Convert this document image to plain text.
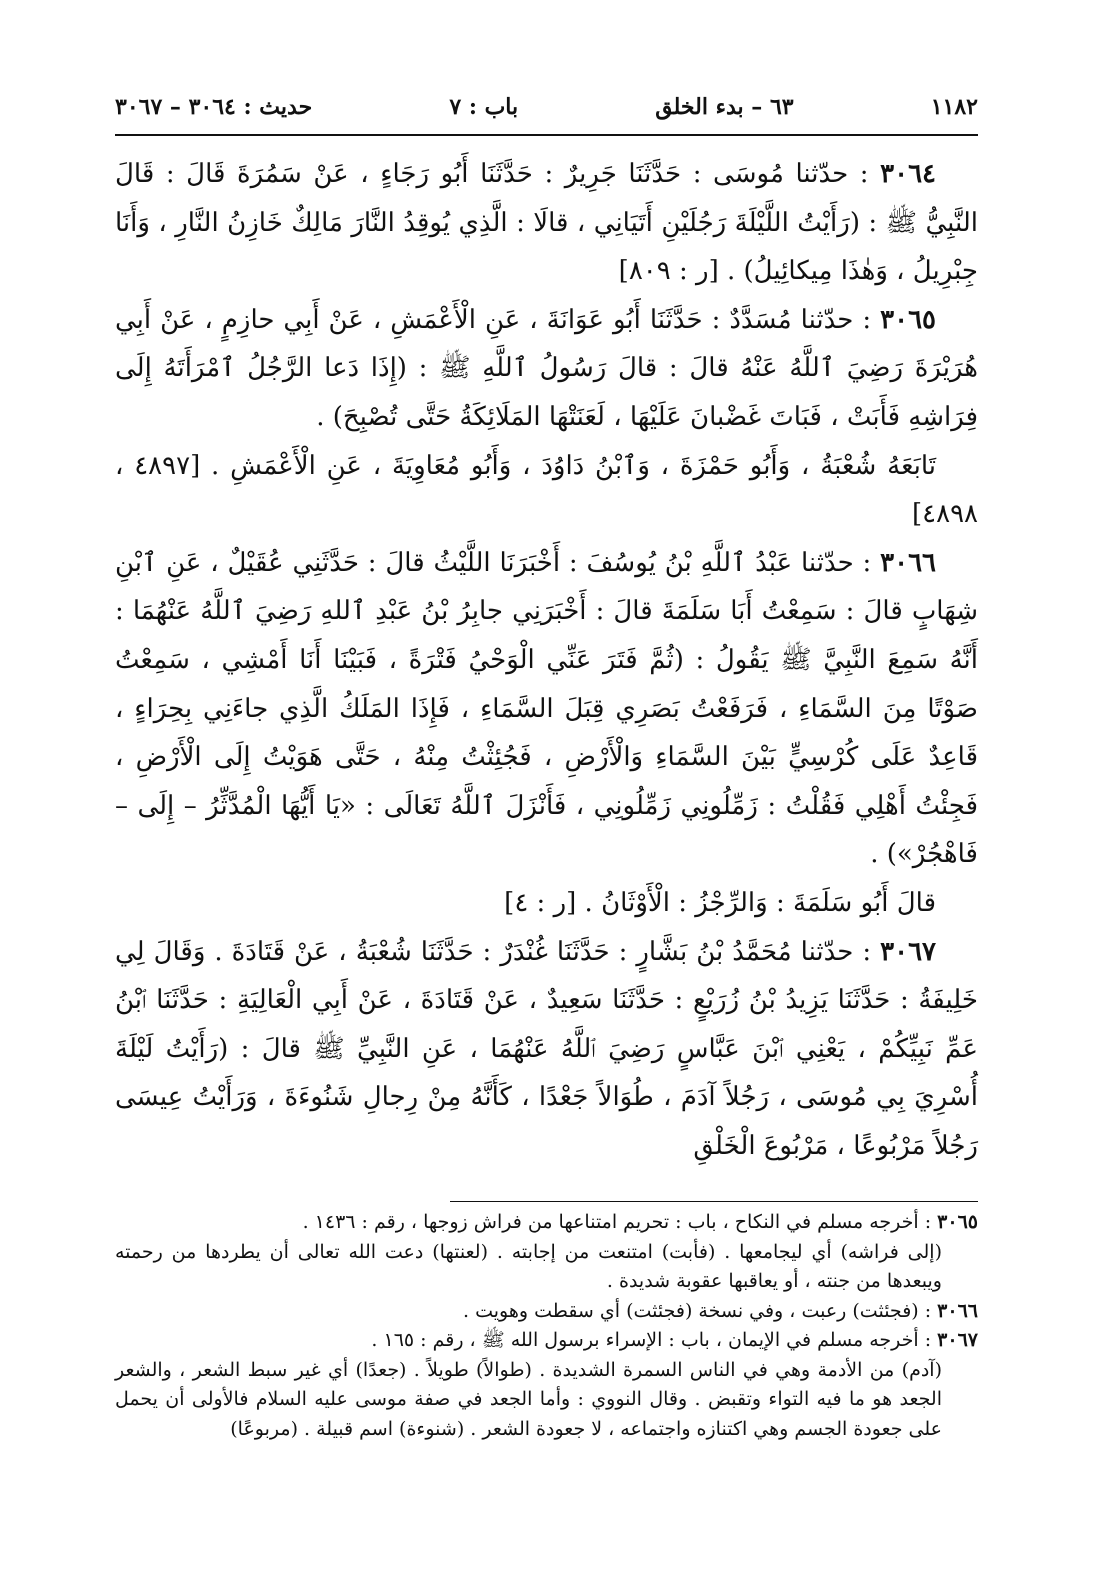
حديث : ٣٠٦٤ – ٣٠٦٧	باب : ٧	٦٣ – بدء الخلق	١١٨٢

٣٠٦٤ : حدّثنا مُوسَى : حَدَّثَنَا جَرِيرٌ : حَدَّثَنَا أَبُو رَجَاءٍ ، عَنْ سَمُرَةَ قَالَ : قَالَ النَّبِيُّ ﷺ : (رَأَيْتُ اللَّيْلَةَ رَجُلَيْنِ أَتَيَانِي ، قالَا : الَّذِي يُوقِدُ النَّارَ مَالِكٌ خَازِنُ النَّارِ ، وَأَنَا جِبْرِيلُ ، وَهٰذَا مِيكائِيلُ) . [ر : ٨٠٩]

٣٠٦٥ : حدّثنا مُسَدَّدٌ : حَدَّثَنَا أَبُو عَوَانَةَ ، عَنِ الْأَعْمَشِ ، عَنْ أَبِي حازِمٍ ، عَنْ أَبِي هُرَيْرَةَ رَضِيَ ٱللَّهُ عَنْهُ قالَ : قالَ رَسُولُ ٱللَّهِ ﷺ : (إِذَا دَعا الرَّجُلُ ٱمْرَأَتَهُ إِلَى فِرَاشِهِ فَأَبَتْ ، فَبَاتَ غَضْبانَ عَلَيْهَا ، لَعَنَتْهَا المَلَائِكَةُ حَتَّى تُصْبِحَ) .

تَابَعَهُ شُعْبَةُ ، وَأَبُو حَمْزَةَ ، وَٱبْنُ دَاوُدَ ، وَأَبُو مُعَاوِيَةَ ، عَنِ الْأَعْمَشِ . [٤٨٩٧ ، ٤٨٩٨]

٣٠٦٦ : حدّثنا عَبْدُ ٱللَّهِ بْنُ يُوسُفَ : أَخْبَرَنَا اللَّيْثُ قالَ : حَدَّثَنِي عُقَيْلٌ ، عَنِ ٱبْنِ شِهَابٍ قالَ : سَمِعْتُ أَبَا سَلَمَةَ قالَ : أَخْبَرَنِي جابِرُ بْنُ عَبْدِ ٱللهِ رَضِيَ ٱللَّهُ عَنْهُمَا : أَنَّهُ سَمِعَ النَّبِيَّ ﷺ يَقُولُ : (ثُمَّ فَتَرَ عَنِّي الْوَحْيُ فَتْرَةً ، فَبَيْنَا أَنَا أَمْشِي ، سَمِعْتُ صَوْتًا مِنَ السَّمَاءِ ، فَرَفَعْتُ بَصَرِي قِبَلَ السَّمَاءِ ، فَإِذَا المَلَكُ الَّذِي جاءَنِي بِحِرَاءٍ ، قَاعِدٌ عَلَى كُرْسِيٍّ بَيْنَ السَّمَاءِ وَالْأَرْضِ ، فَجُئِثْتُ مِنْهُ ، حَتَّى هَوَيْتُ إِلَى الْأَرْضِ ، فَجِئْتُ أَهْلِي فَقُلْتُ : زَمِّلُونِي زَمِّلُونِي ، فَأَنْزَلَ ٱللَّهُ تَعَالَى : «يَا أَيُّهَا الْمُدَّثِّرُ – إِلَى – فَاهْجُرْ») .

قالَ أَبُو سَلَمَةَ : وَالرِّجْزُ : الْأَوْثَانُ . [ر : ٤]

٣٠٦٧ : حدّثنا مُحَمَّدُ بْنُ بَشَّارٍ : حَدَّثَنَا غُنْدَرٌ : حَدَّثَنَا شُعْبَةُ ، عَنْ قَتَادَةَ . وَقَالَ لِي خَلِيفَةُ : حَدَّثَنَا يَزِيدُ بْنُ زُرَيْعٍ : حَدَّثَنَا سَعِيدٌ ، عَنْ قَتَادَةَ ، عَنْ أَبِي الْعَالِيَةِ : حَدَّثَنَا ٱبْنُ عَمِّ نَبِيِّكُمْ ، يَعْنِي ٱبْنَ عَبَّاسٍ رَضِيَ ٱللَّهُ عَنْهُمَا ، عَنِ النَّبِيِّ ﷺ قالَ : (رَأَيْتُ لَيْلَةَ أُسْرِيَ بِي مُوسَى ، رَجُلاً آدَمَ ، طُوَالاً جَعْدًا ، كَأَنَّهُ مِنْ رِجالِ شَنُوءَةَ ، وَرَأَيْتُ عِيسَى رَجُلاً مَرْبُوعًا ، مَرْبُوعَ الْخَلْقِ

٣٠٦٥ : أخرجه مسلم في النكاح ، باب : تحريم امتناعها من فراش زوجها ، رقم : ١٤٣٦ .

(إلى فراشه) أي ليجامعها . (فأبت) امتنعت من إجابته . (لعنتها) دعت الله تعالى أن يطردها من رحمته ويبعدها من جنته ، أو يعاقبها عقوبة شديدة .

٣٠٦٦ : (فجئثت) رعبت ، وفي نسخة (فجئثت) أي سقطت وهويت .

٣٠٦٧ : أخرجه مسلم في الإيمان ، باب : الإسراء برسول الله ﷺ ، رقم : ١٦٥ .

(آدم) من الأدمة وهي في الناس السمرة الشديدة . (طوالاً) طويلاً . (جعدًا) أي غير سبط الشعر ، والشعر الجعد هو ما فيه التواء وتقبض . وقال النووي : وأما الجعد في صفة موسى عليه السلام فالأولى أن يحمل على جعودة الجسم وهي اكتنازه واجتماعه ، لا جعودة الشعر . (شنوءة) اسم قبيلة . (مربوعًا)
